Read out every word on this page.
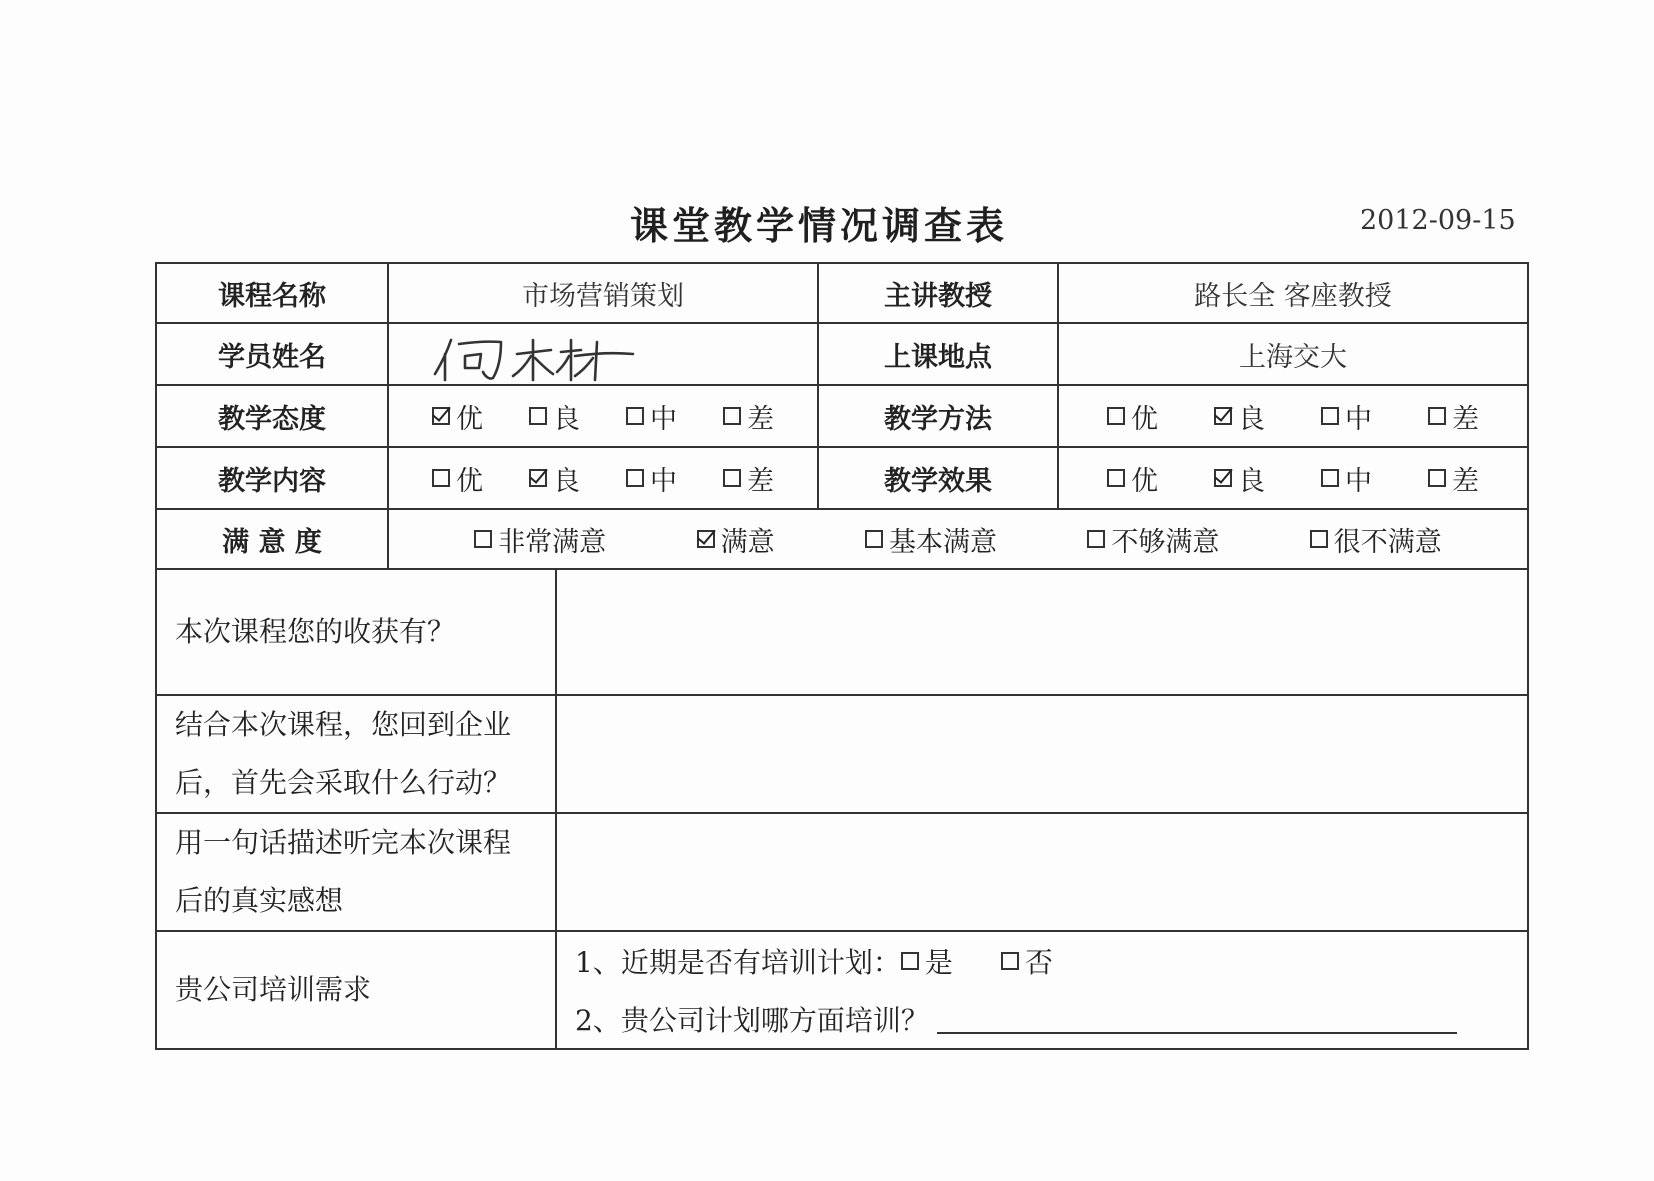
课堂教学情况调查表	2012-09-15
课程名称	市场营销策划		主讲教授	路长全 客座教授
学员姓名			上课地点	上海交大
教学态度	优 良 中 差		教学方法	优 良 中 差

教学内容	优 良 中 差		教学效果	优 良 中 差

满 意 度	非常满意 满意 基本满意 不够满意 很不满意			

本次课程您的收获有？				

结合本次课程，您回到企业
后，首先会采取什么行动？				

用一句话描述听完本次课程
后的真实感想				

贵公司培训需求		1、近期是否有培训计划： 是 否
2、贵公司计划哪方面培训？		
